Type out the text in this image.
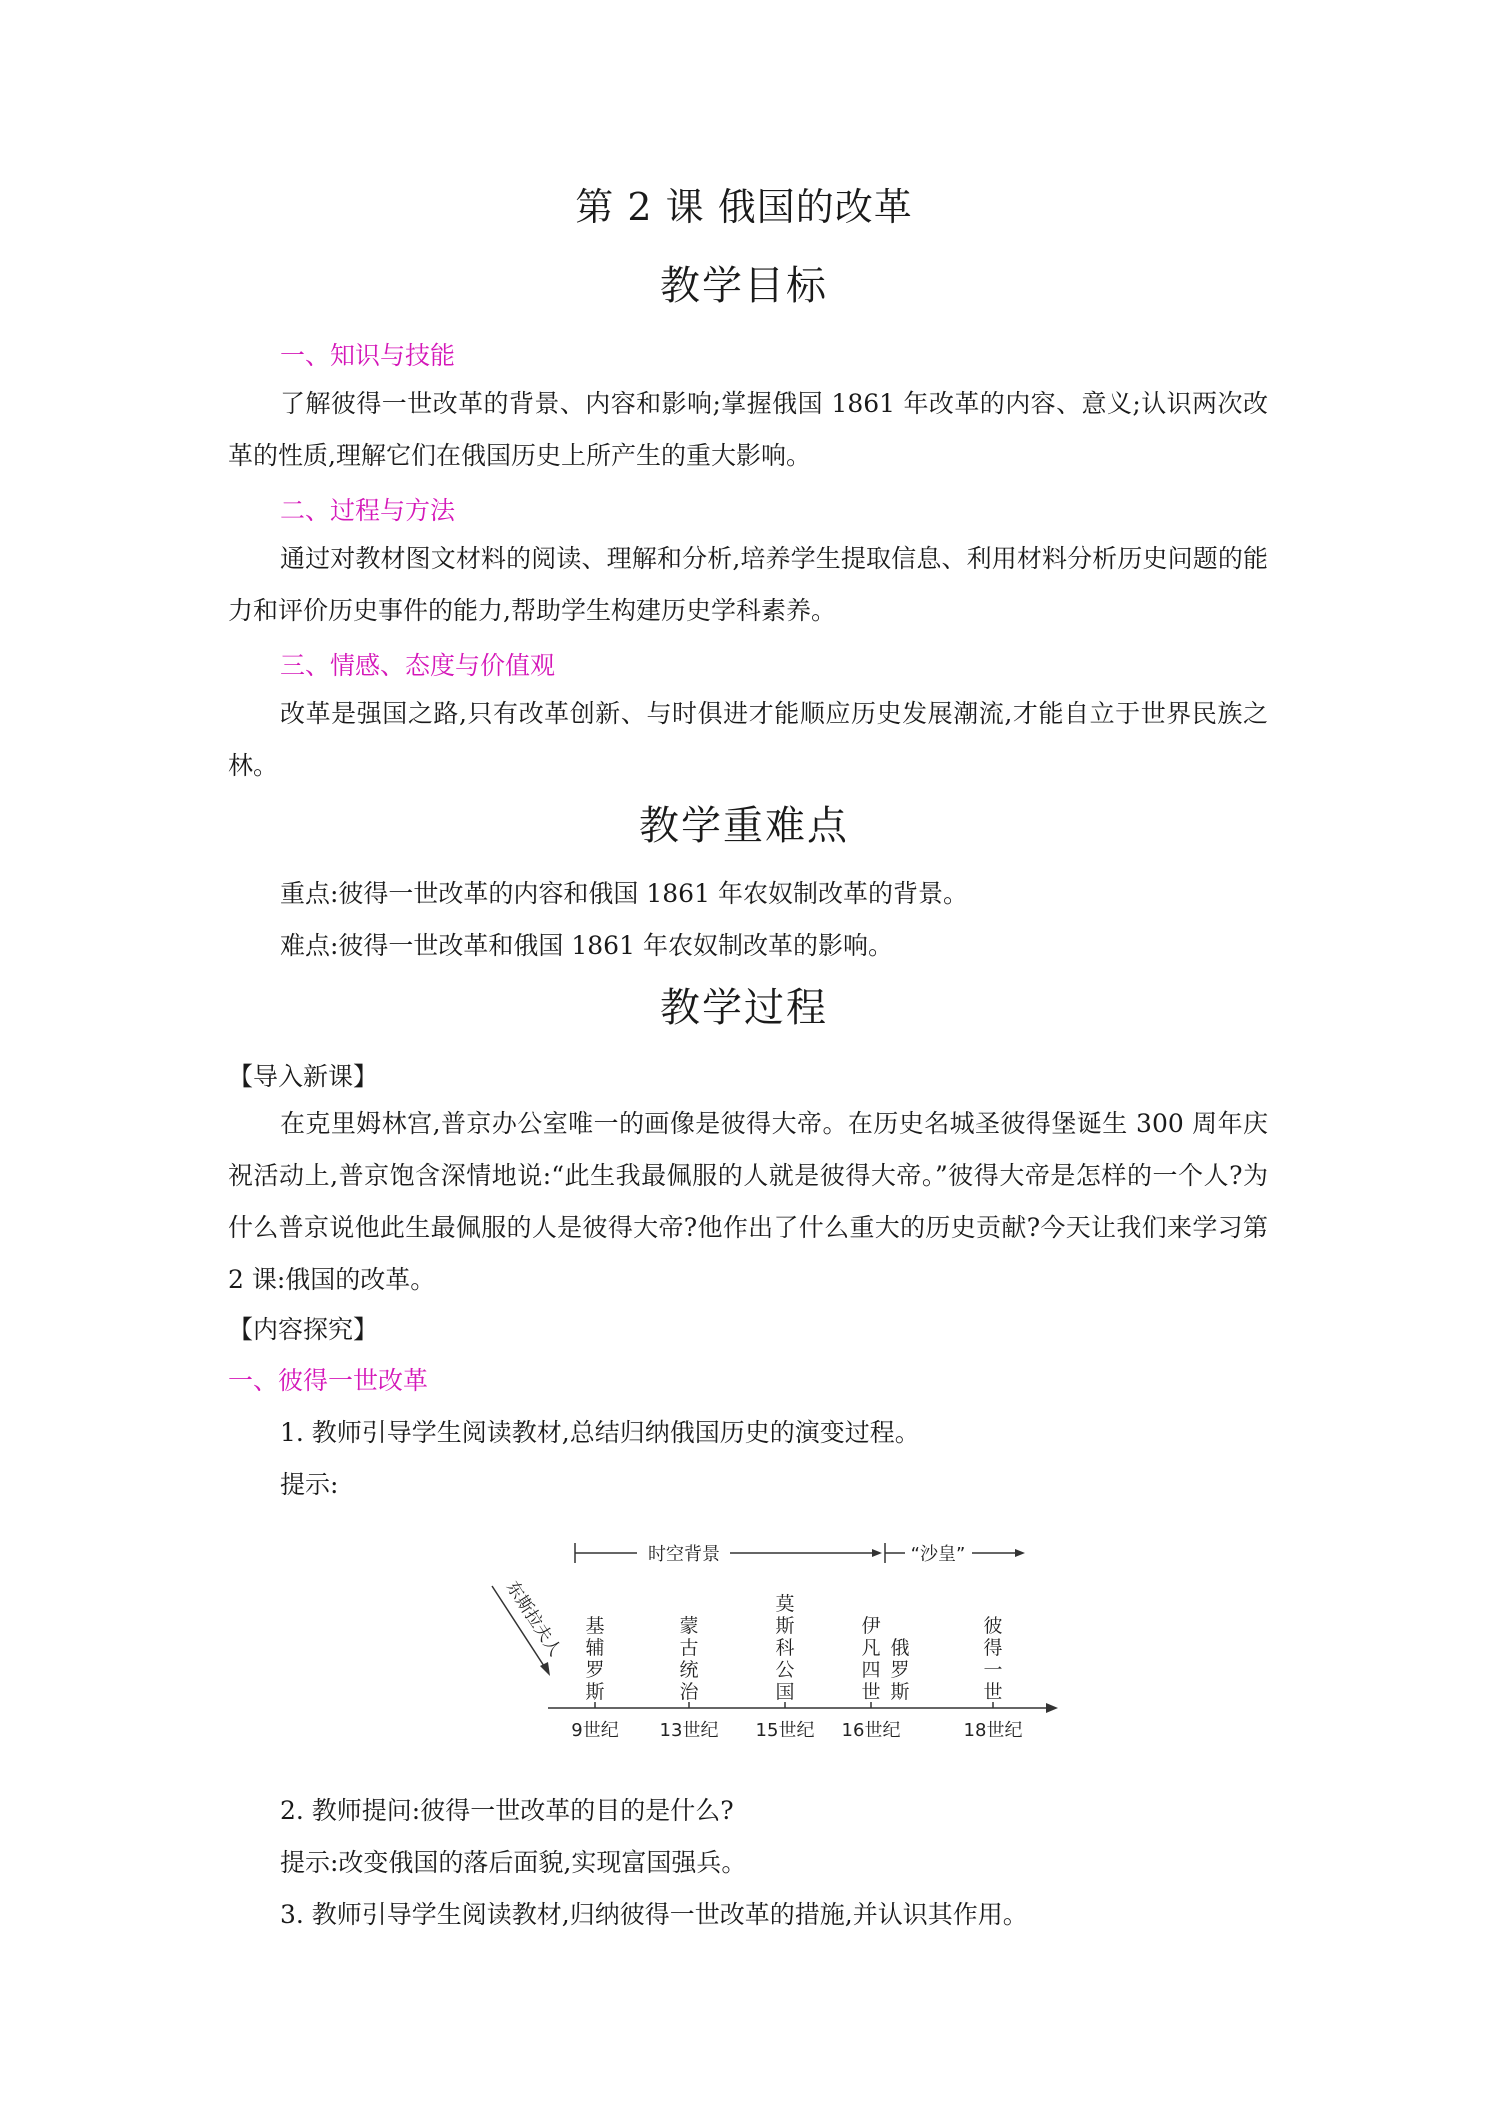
第 2 课 俄国的改革
教学目标
一、知识与技能

了解彼得一世改革的背景、内容和影响;掌握俄国 1861 年改革的内容、意义;认识两次改革的性质,理解它们在俄国历史上所产生的重大影响。

二、过程与方法

通过对教材图文材料的阅读、理解和分析,培养学生提取信息、利用材料分析历史问题的能力和评价历史事件的能力,帮助学生构建历史学科素养。

三、情感、态度与价值观

改革是强国之路,只有改革创新、与时俱进才能顺应历史发展潮流,才能自立于世界民族之林。

教学重难点
重点:彼得一世改革的内容和俄国 1861 年农奴制改革的背景。
难点:彼得一世改革和俄国 1861 年农奴制改革的影响。
教学过程
【导入新课】

在克里姆林宫,普京办公室唯一的画像是彼得大帝。在历史名城圣彼得堡诞生 300 周年庆祝活动上,普京饱含深情地说:“此生我最佩服的人就是彼得大帝。”彼得大帝是怎样的一个人?为什么普京说他此生最佩服的人是彼得大帝?他作出了什么重大的历史贡献?今天让我们来学习第 2 课:俄国的改革。

【内容探究】
一、彼得一世改革
1. 教师引导学生阅读教材,总结归纳俄国历史的演变过程。
提示:
时空背景	“沙皇”
东斯拉夫人 基辅罗斯
9世纪
蒙古统治
13世纪
莫斯科公国
15世纪
伊凡四世
16世纪
俄罗斯
彼得一世
18世纪
2. 教师提问:彼得一世改革的目的是什么?
提示:改变俄国的落后面貌,实现富国强兵。
3. 教师引导学生阅读教材,归纳彼得一世改革的措施,并认识其作用。
